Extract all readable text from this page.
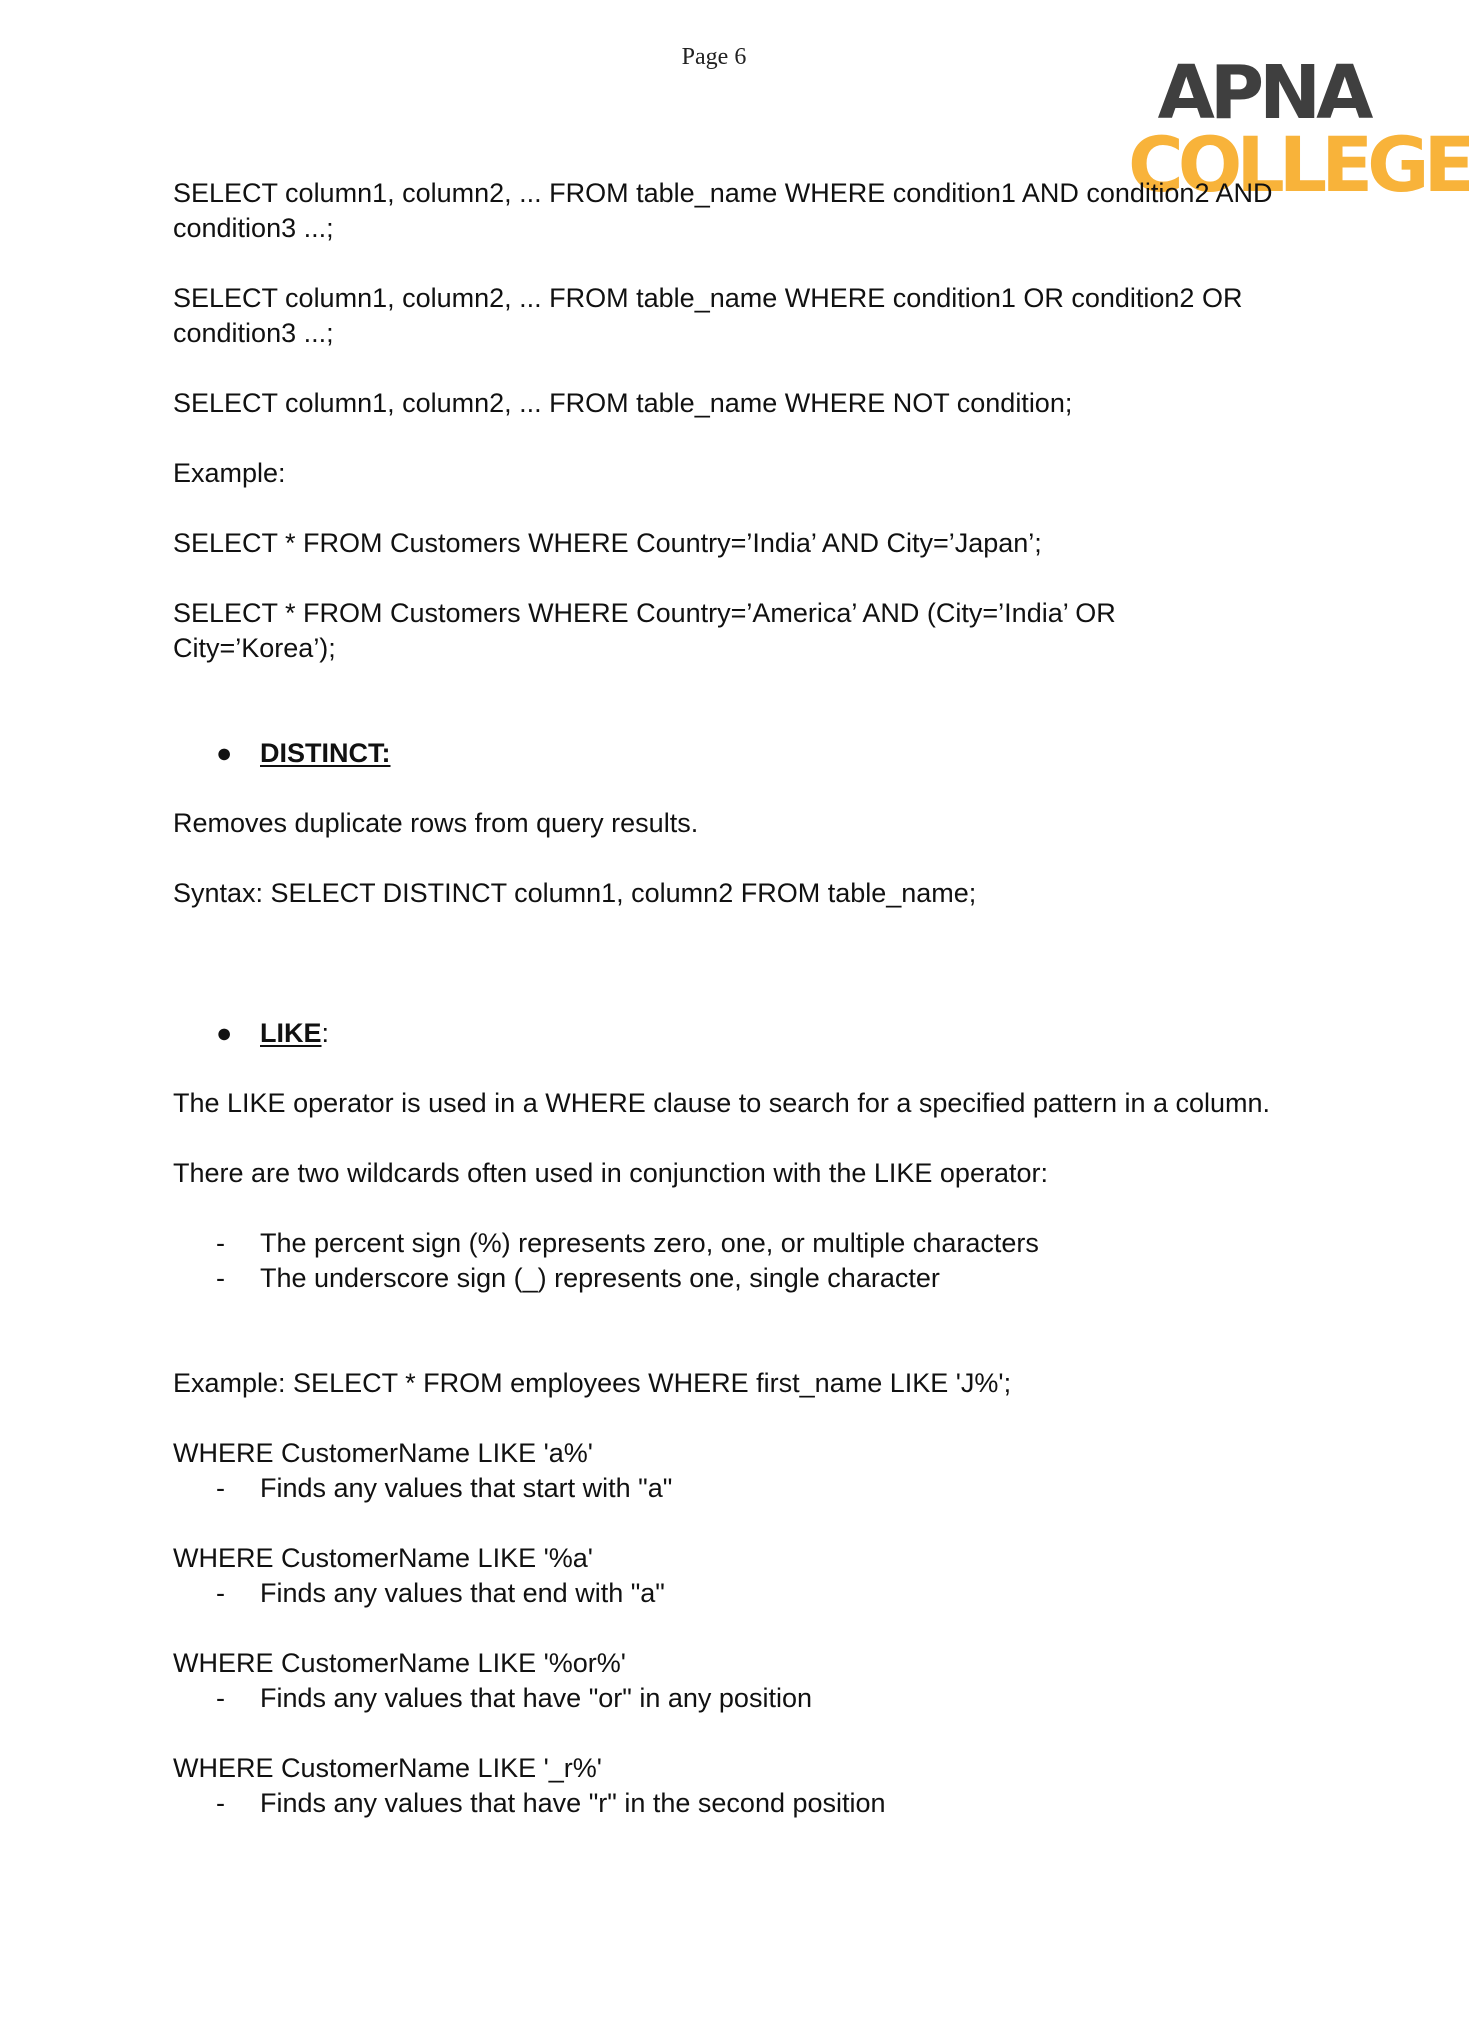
Page 6	APNA
COLLEGE

SELECT column1, column2, ... FROM table_name WHERE condition1 AND condition2 AND condition3 ...;

SELECT column1, column2, ... FROM table_name WHERE condition1 OR condition2 OR condition3 ...;

SELECT column1, column2, ... FROM table_name WHERE NOT condition;

Example:

SELECT * FROM Customers WHERE Country=’India’ AND City=’Japan’;

SELECT * FROM Customers WHERE Country=’America’ AND (City=’India’ OR City=’Korea’);

● DISTINCT:

Removes duplicate rows from query results.

Syntax: SELECT DISTINCT column1, column2 FROM table_name;

● LIKE:

The LIKE operator is used in a WHERE clause to search for a specified pattern in a column.

There are two wildcards often used in conjunction with the LIKE operator:

- The percent sign (%) represents zero, one, or multiple characters

- The underscore sign (_) represents one, single character

Example: SELECT * FROM employees WHERE first_name LIKE 'J%';

WHERE CustomerName LIKE 'a%'

- Finds any values that start with "a"

WHERE CustomerName LIKE '%a'

- Finds any values that end with "a"

WHERE CustomerName LIKE '%or%'

- Finds any values that have "or" in any position

WHERE CustomerName LIKE '_r%'

- Finds any values that have "r" in the second position
